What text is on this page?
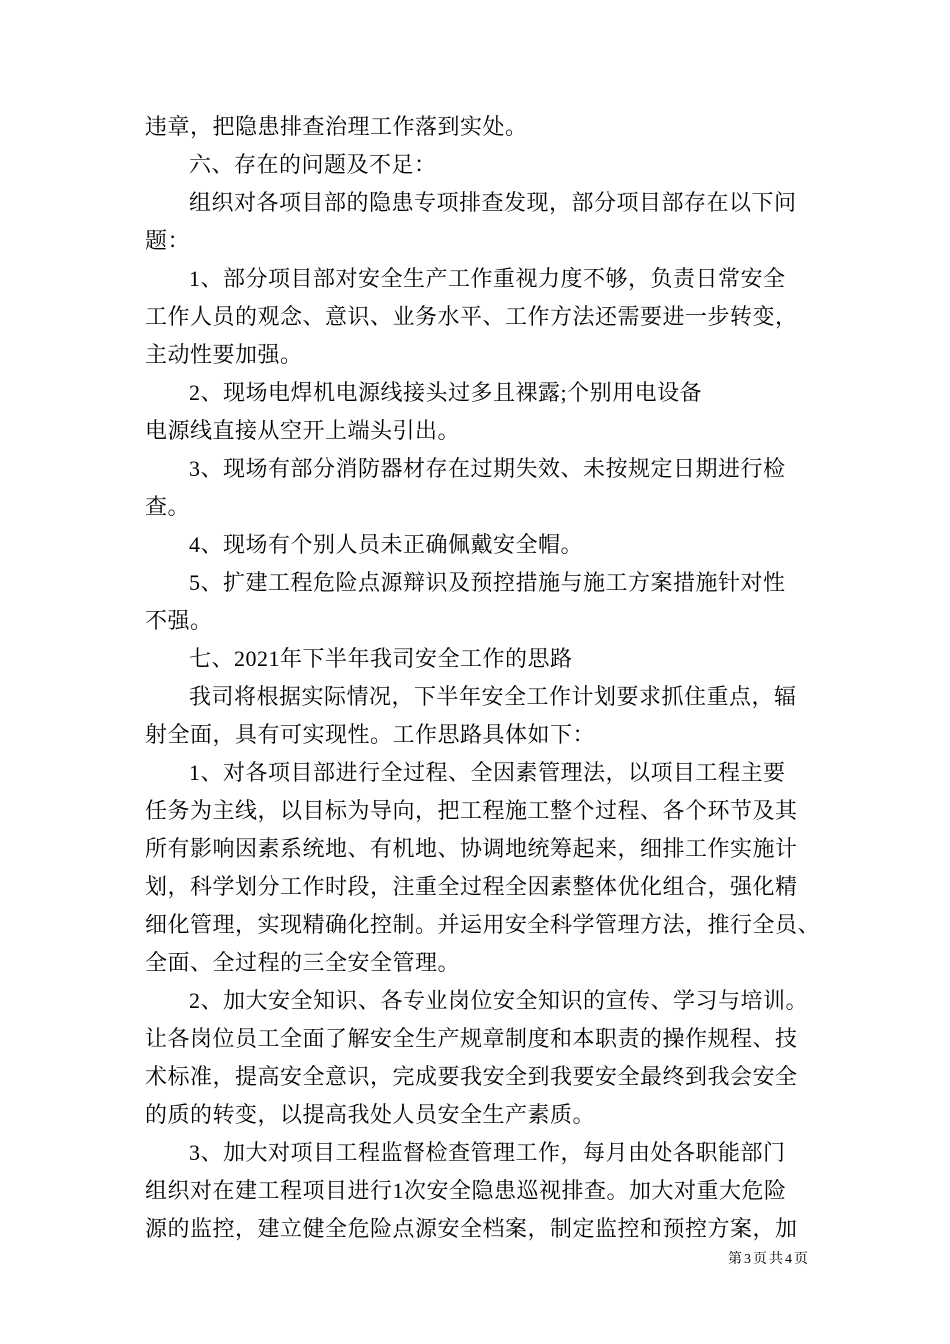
违章，把隐患排查治理工作落到实处。
六、存在的问题及不足：
组织对各项目部的隐患专项排查发现，部分项目部存在以下问
题：
1、部分项目部对安全生产工作重视力度不够，负责日常安全
工作人员的观念、意识、业务水平、工作方法还需要进一步转变，
主动性要加强。
2、现场电焊机电源线接头过多且裸露;个别用电设备
电源线直接从空开上端头引出。
3、现场有部分消防器材存在过期失效、未按规定日期进行检
查。
4、现场有个别人员未正确佩戴安全帽。
5、扩建工程危险点源辩识及预控措施与施工方案措施针对性
不强。
七、2021年下半年我司安全工作的思路
我司将根据实际情况，下半年安全工作计划要求抓住重点，辐
射全面，具有可实现性。工作思路具体如下：
1、对各项目部进行全过程、全因素管理法，以项目工程主要
任务为主线，以目标为导向，把工程施工整个过程、各个环节及其
所有影响因素系统地、有机地、协调地统筹起来，细排工作实施计
划，科学划分工作时段，注重全过程全因素整体优化组合，强化精
细化管理，实现精确化控制。并运用安全科学管理方法，推行全员、
全面、全过程的三全安全管理。
2、加大安全知识、各专业岗位安全知识的宣传、学习与培训。
让各岗位员工全面了解安全生产规章制度和本职责的操作规程、技
术标准，提高安全意识，完成要我安全到我要安全最终到我会安全
的质的转变，以提高我处人员安全生产素质。
3、加大对项目工程监督检查管理工作，每月由处各职能部门
组织对在建工程项目进行1次安全隐患巡视排查。加大对重大危险
源的监控，建立健全危险点源安全档案，制定监控和预控方案，加
第3页共4页
